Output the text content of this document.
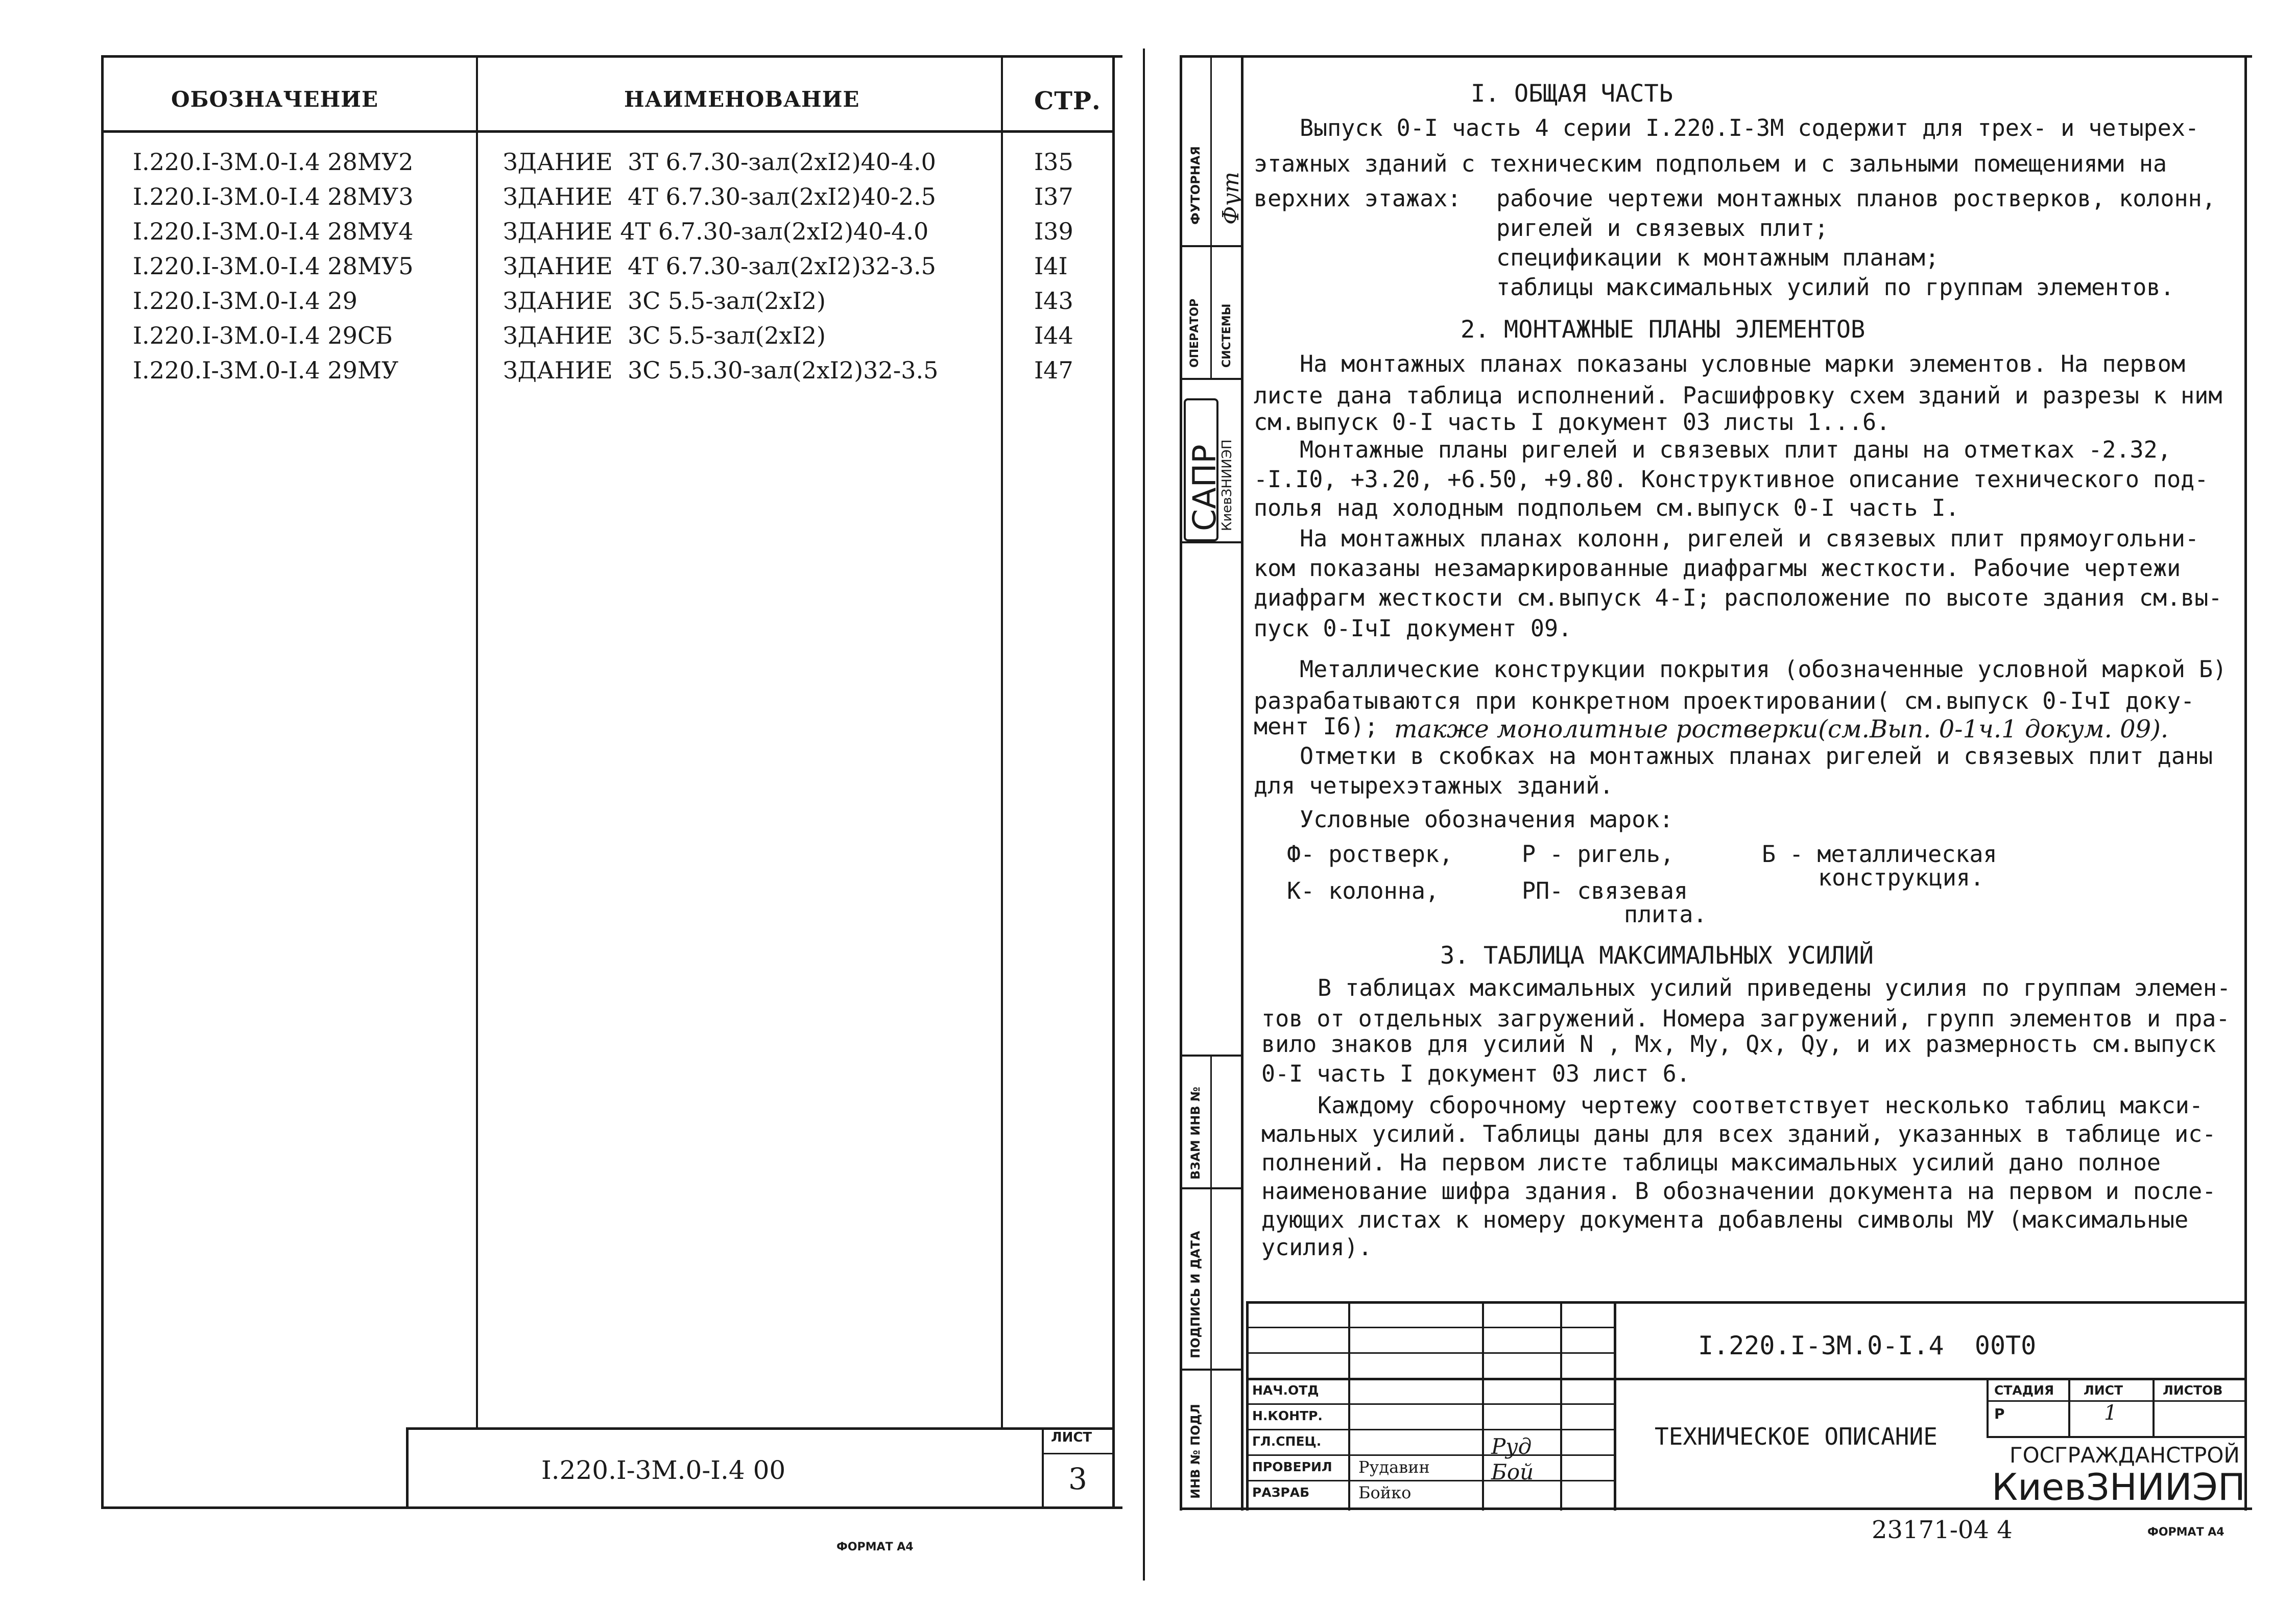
ОБОЗНАЧЕНИЕ	НАИМЕНОВАНИЕ	СТР.
I.220.I-3М.0-I.4 28МУ2	ЗДАНИЕ  3Т 6.7.30-зал(2хI2)40-4.0	I35
I.220.I-3М.0-I.4 28МУ3	ЗДАНИЕ  4Т 6.7.30-зал(2хI2)40-2.5	I37
I.220.I-3М.0-I.4 28МУ4	ЗДАНИЕ 4Т 6.7.30-зал(2хI2)40-4.0	I39
I.220.I-3М.0-I.4 28МУ5	ЗДАНИЕ  4Т 6.7.30-зал(2хI2)32-3.5	I4I
I.220.I-3М.0-I.4 29	ЗДАНИЕ  3С 5.5-зал(2хI2)	I43
I.220.I-3М.0-I.4 29СБ	ЗДАНИЕ  3С 5.5-зал(2хI2)	I44
I.220.I-3М.0-I.4 29МУ	ЗДАНИЕ  3С 5.5.30-зал(2хI2)32-3.5	I47
I.220.I-3М.0-I.4 00
ЛИСТ
3
ФОРМАТ А4
ФУТОРНАЯ Фут
ОПЕРАТОР СИСТЕМЫ
САПР
КиевЗНИИЭП
ВЗАМ ИНВ №
ПОДПИСЬ И ДАТА
ИНВ № ПОДЛ
I. ОБЩАЯ ЧАСТЬ
Выпуск 0-I часть 4 серии I.220.I-3М содержит для трех- и четырех-
этажных зданий с техническим подпольем и с зальными помещениями на
верхних этажах: рабочие чертежи монтажных планов ростверков, колонн,
ригелей и связевых плит;
спецификации к монтажным планам;
таблицы максимальных усилий по группам элементов.
2. МОНТАЖНЫЕ ПЛАНЫ ЭЛЕМЕНТОВ
На монтажных планах показаны условные марки элементов. На первом
листе дана таблица исполнений. Расшифровку схем зданий и разрезы к ним
см.выпуск 0-I часть I документ 03 листы 1...6.
Монтажные планы ригелей и связевых плит даны на отметках -2.32,
-I.I0, +3.20, +6.50, +9.80. Конструктивное описание технического под-
полья над холодным подпольем см.выпуск 0-I часть I.
На монтажных планах колонн, ригелей и связевых плит прямоугольни-
ком показаны незамаркированные диафрагмы жесткости. Рабочие чертежи
диафрагм жесткости см.выпуск 4-I; расположение по высоте здания см.вы-
пуск 0-IчI документ 09.
Металлические конструкции покрытия (обозначенные условной маркой Б)
разрабатываются при конкретном проектировании( см.выпуск 0-IчI доку-
мент I6);
Отметки в скобках на монтажных планах ригелей и связевых плит даны
для четырехэтажных зданий.
Условные обозначения марок:
также монолитные ростверки(см.Вып. 0-1ч.1 докум. 09).
Ф- ростверк,	Р - ригель,	Б - металлическая
конструкция.
К- колонна,	РП- связевая
плита.
3. ТАБЛИЦА МАКСИМАЛЬНЫХ УСИЛИЙ
В таблицах максимальных усилий приведены усилия по группам элемен-
тов от отдельных загружений. Номера загружений, групп элементов и пра-
вило знаков для усилий N , Mx, My, Qx, Qy, и их размерность см.выпуск
0-I часть I документ 03 лист 6.
Каждому сборочному чертежу соответствует несколько таблиц макси-
мальных усилий. Таблицы даны для всех зданий, указанных в таблице ис-
полнений. На первом листе таблицы максимальных усилий дано полное
наименование шифра здания. В обозначении документа на первом и после-
дующих листах к номеру документа добавлены символы МУ (максимальные
усилия).
I.220.I-3М.0-I.4  00Т0
ТЕХНИЧЕСКОЕ ОПИСАНИЕ
НАЧ.ОТД
Н.КОНТР.
ГЛ.СПЕЦ.
ПРОВЕРИЛ Рудавин
РАЗРАБ	Бойко
Руд
Бой
СТАДИЯ ЛИСТ	ЛИСТОВ
Р	1
ГОСГРАЖДАНСТРОЙ
КиевЗНИИЭП
23171-04 4	ФОРМАТ А4
